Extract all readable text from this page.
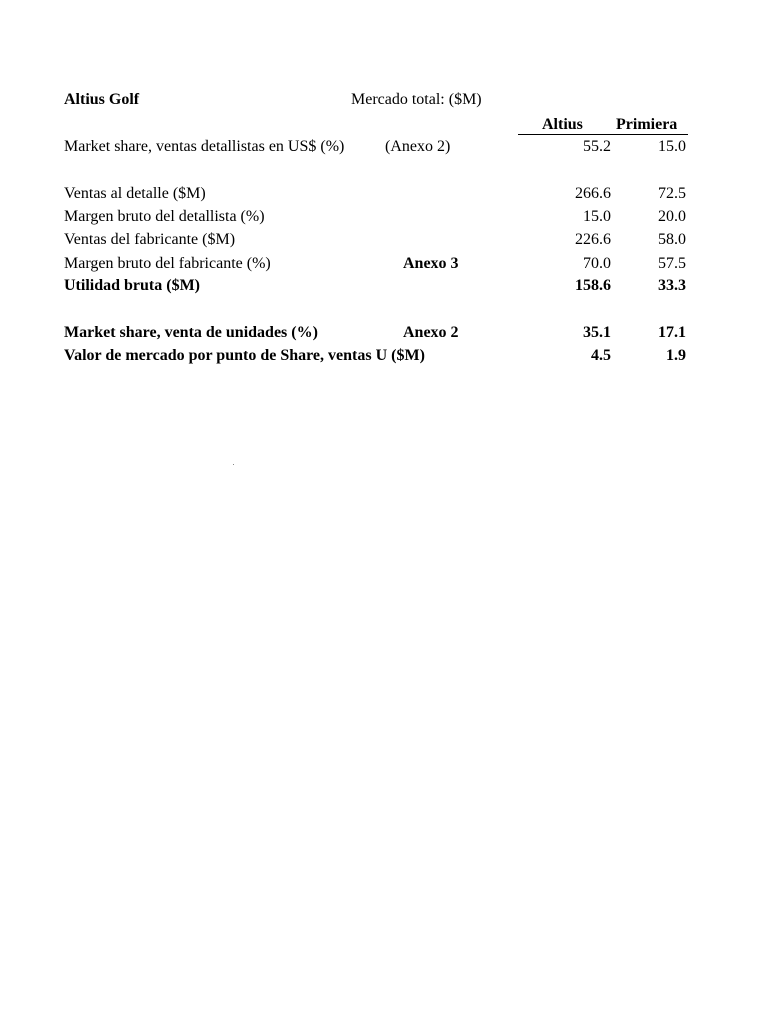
Altius Golf	Mercado total: ($M)
Altius Primiera
Market share, ventas detallistas en US$ (%)	(Anexo 2)	55.2	15.0
Ventas al detalle ($M)	266.6	72.5
Margen bruto del detallista (%)	15.0	20.0
Ventas del fabricante ($M)	226.6	58.0
Margen bruto del fabricante (%)	Anexo 3	70.0	57.5
Utilidad bruta ($M)	158.6	33.3
Market share, venta de unidades (%)	Anexo 2	35.1	17.1
Valor de mercado por punto de Share, ventas U ($M)	4.5	1.9
